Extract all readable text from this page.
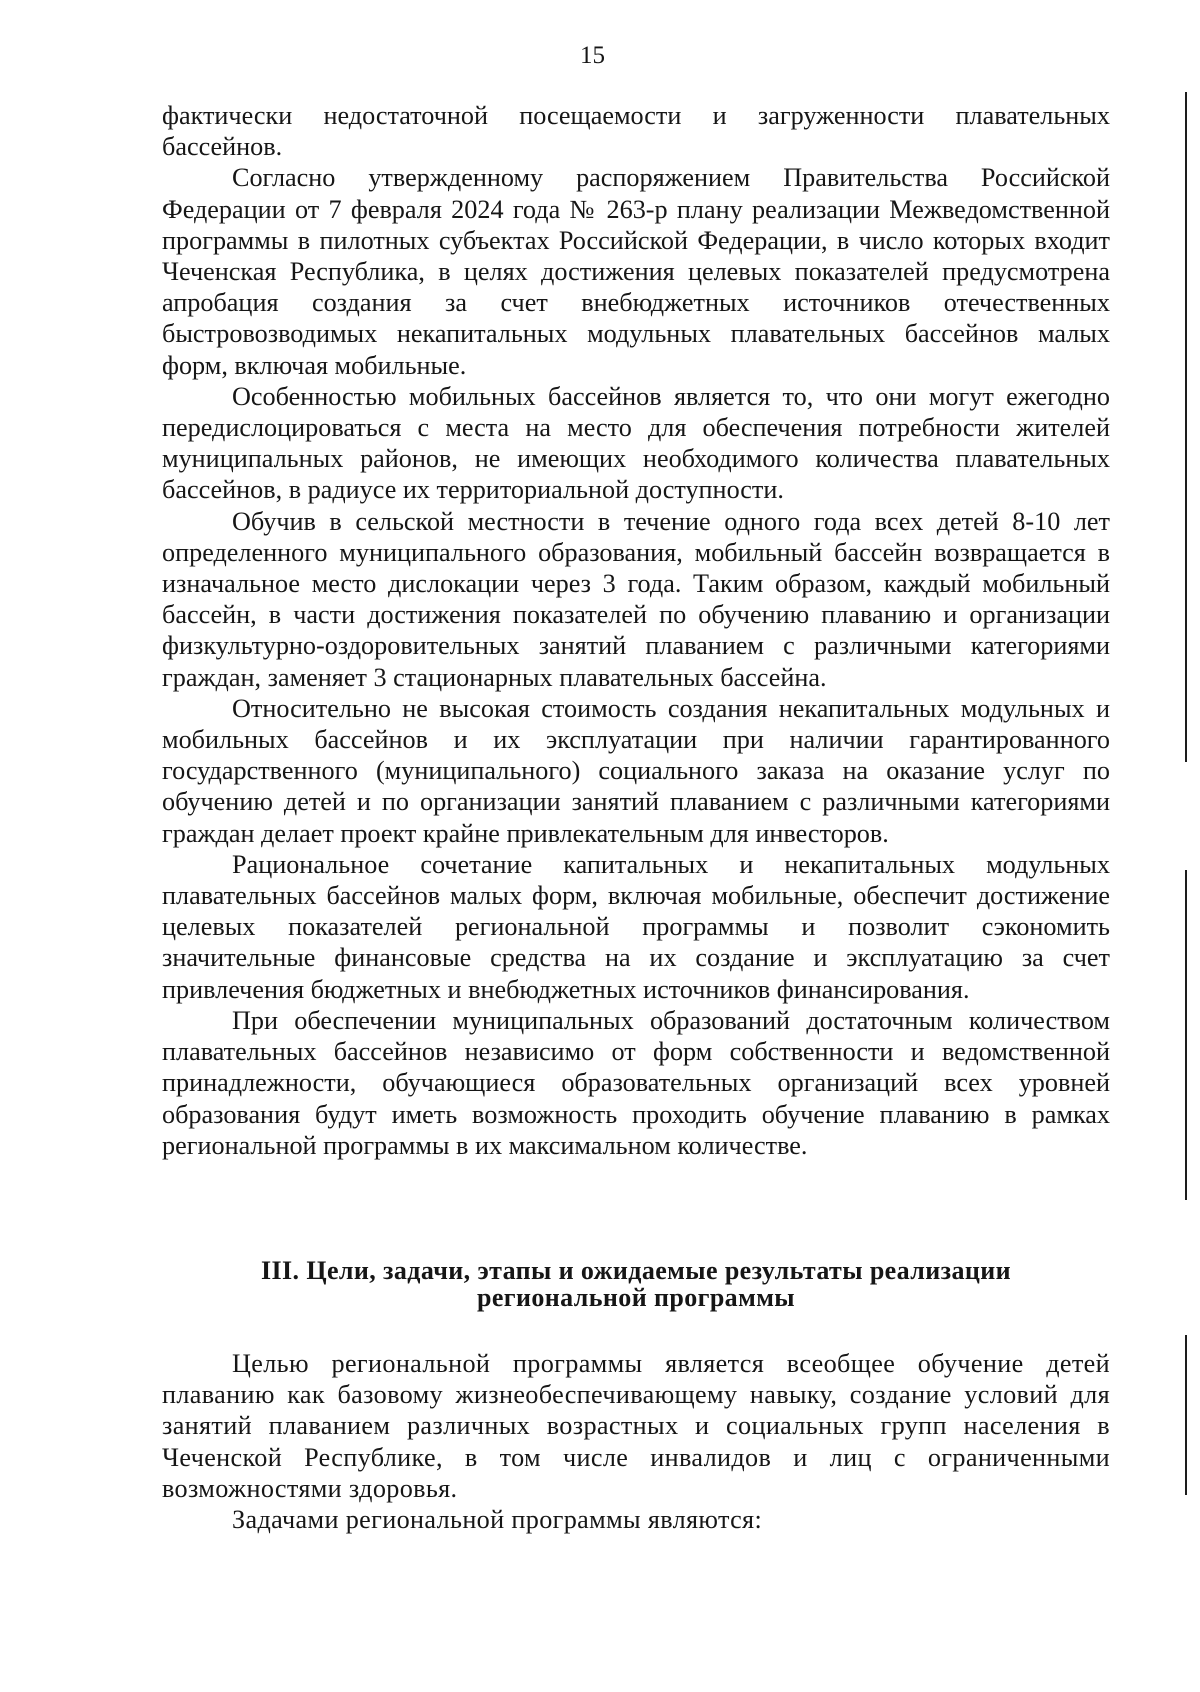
15

фактически недостаточной посещаемости и загруженности плавательных бассейнов.

Согласно утвержденному распоряжением Правительства Российской Федерации от 7 февраля 2024 года № 263-р плану реализации Межведомственной программы в пилотных субъектах Российской Федерации, в число которых входит Чеченская Республика, в целях достижения целевых показателей предусмотрена апробация создания за счет внебюджетных источников отечественных быстровозводимых некапитальных модульных плавательных бассейнов малых форм, включая мобильные.

Особенностью мобильных бассейнов является то, что они могут ежегодно передислоцироваться с места на место для обеспечения потребности жителей муниципальных районов, не имеющих необходимого количества плавательных бассейнов, в радиусе их территориальной доступности.

Обучив в сельской местности в течение одного года всех детей 8-10 лет определенного муниципального образования, мобильный бассейн возвращается в изначальное место дислокации через 3 года. Таким образом, каждый мобильный бассейн, в части достижения показателей по обучению плаванию и организации физкультурно-оздоровительных занятий плаванием с различными категориями граждан, заменяет 3 стационарных плавательных бассейна.

Относительно не высокая стоимость создания некапитальных модульных и мобильных бассейнов и их эксплуатации при наличии гарантированного государственного (муниципального) социального заказа на оказание услуг по обучению детей и по организации занятий плаванием с различными категориями граждан делает проект крайне привлекательным для инвесторов.

Рациональное сочетание капитальных и некапитальных модульных плавательных бассейнов малых форм, включая мобильные, обеспечит достижение целевых показателей региональной программы и позволит сэкономить значительные финансовые средства на их создание и эксплуатацию за счет привлечения бюджетных и внебюджетных источников финансирования.

При обеспечении муниципальных образований достаточным количеством плавательных бассейнов независимо от форм собственности и ведомственной принадлежности, обучающиеся образовательных организаций всех уровней образования будут иметь возможность проходить обучение плаванию в рамках региональной программы в их максимальном количестве.

III. Цели, задачи, этапы и ожидаемые результаты реализации
региональной программы

Целью региональной программы является всеобщее обучение детей плаванию как базовому жизнеобеспечивающему навыку, создание условий для занятий плаванием различных возрастных и социальных групп населения в Чеченской Республике, в том числе инвалидов и лиц с ограниченными возможностями здоровья.

Задачами региональной программы являются:
